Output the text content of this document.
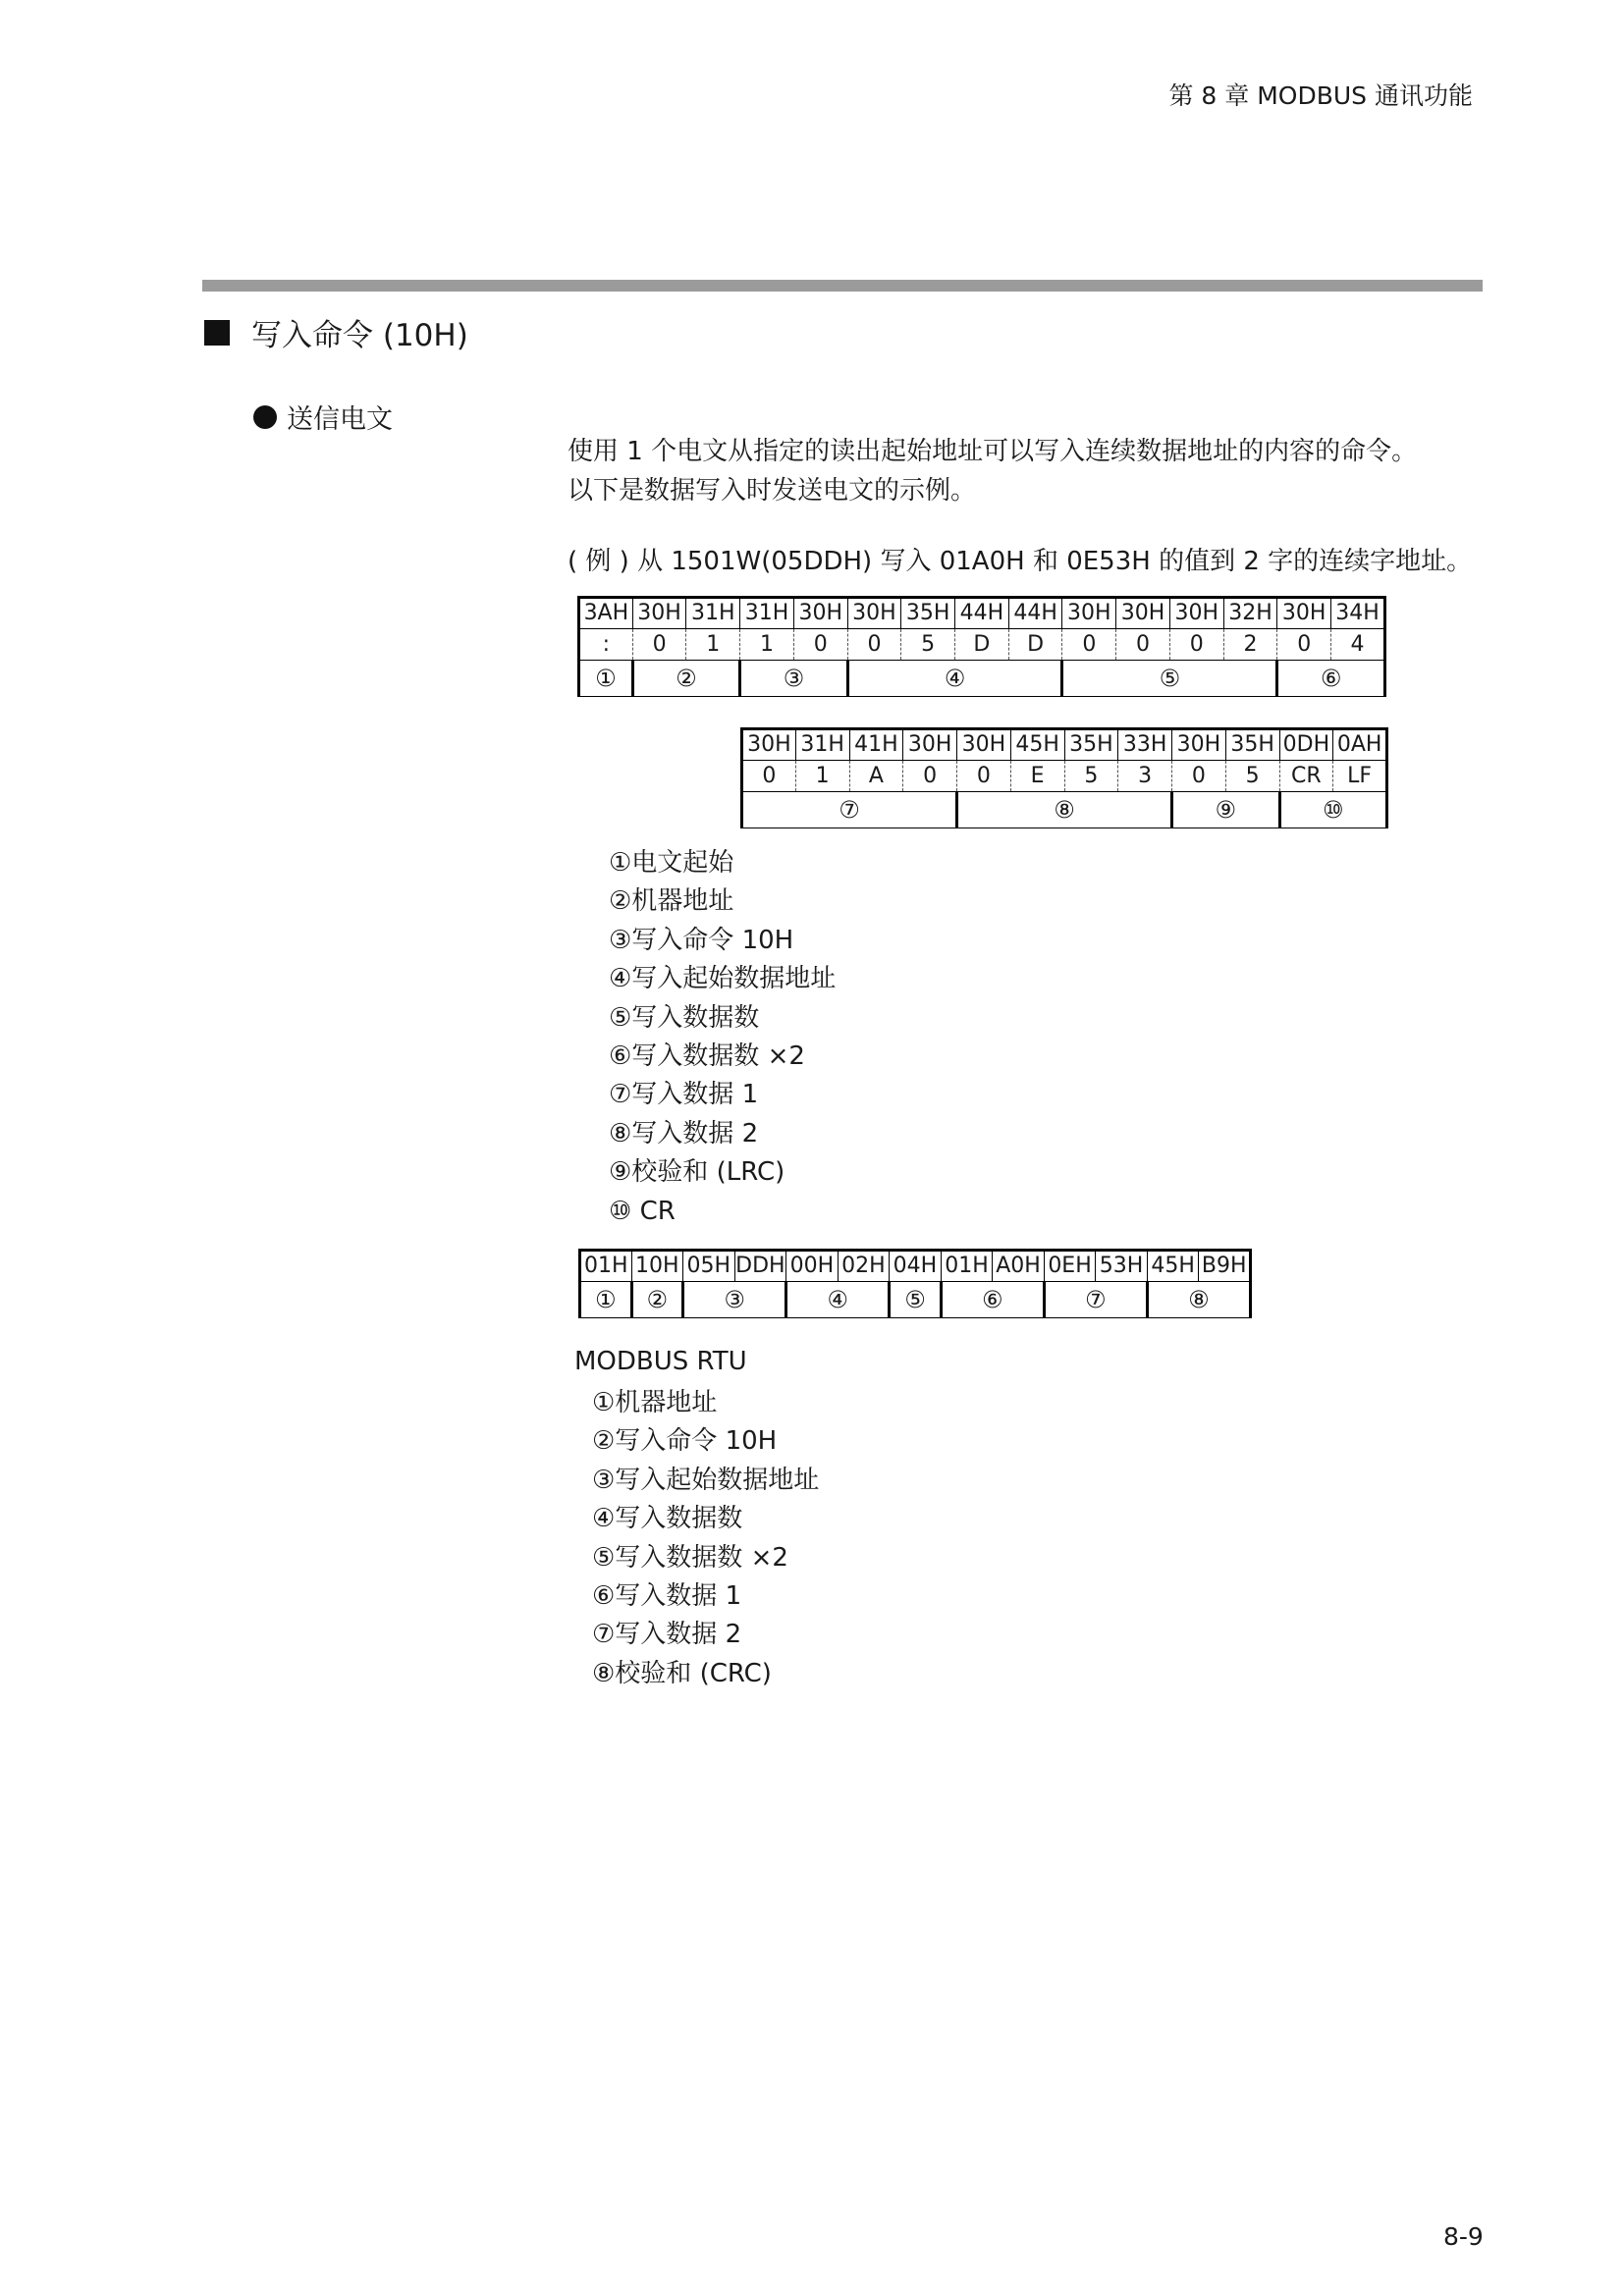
第 8 章 MODBUS 通讯功能
写入命令 (10H)
送信电文
使用 1 个电文从指定的读出起始地址可以写入连续数据地址的内容的命令。
以下是数据写入时发送电文的示例。
( 例 ) 从 1501W(05DDH) 写入 01A0H 和 0E53H 的值到 2 字的连续字地址。
3AH	30H	31H	31H	30H	30H	35H	44H	44H	30H	30H	30H	32H	30H	34H
:	0	1	1	0	0	5	D	D	0	0	0	2	0	4
①	②		③		④				⑤				⑥	
30H	31H	41H	30H	30H	45H	35H	33H	30H	35H	0DH	0AH
0	1	A	0	0	E	5	3	0	5	CR	LF
⑦				⑧				⑨		⑩	
①电文起始
②机器地址
③写入命令 10H
④写入起始数据地址
⑤写入数据数
⑥写入数据数 ×2
⑦写入数据 1
⑧写入数据 2
⑨校验和 (LRC)
⑩ CR
01H	10H	05H	DDH	00H	02H	04H	01H	A0H	0EH	53H	45H	B9H
①	②	③		④		⑤	⑥		⑦		⑧	
MODBUS RTU
①机器地址
②写入命令 10H
③写入起始数据地址
④写入数据数
⑤写入数据数 ×2
⑥写入数据 1
⑦写入数据 2
⑧校验和 (CRC)
8-9
